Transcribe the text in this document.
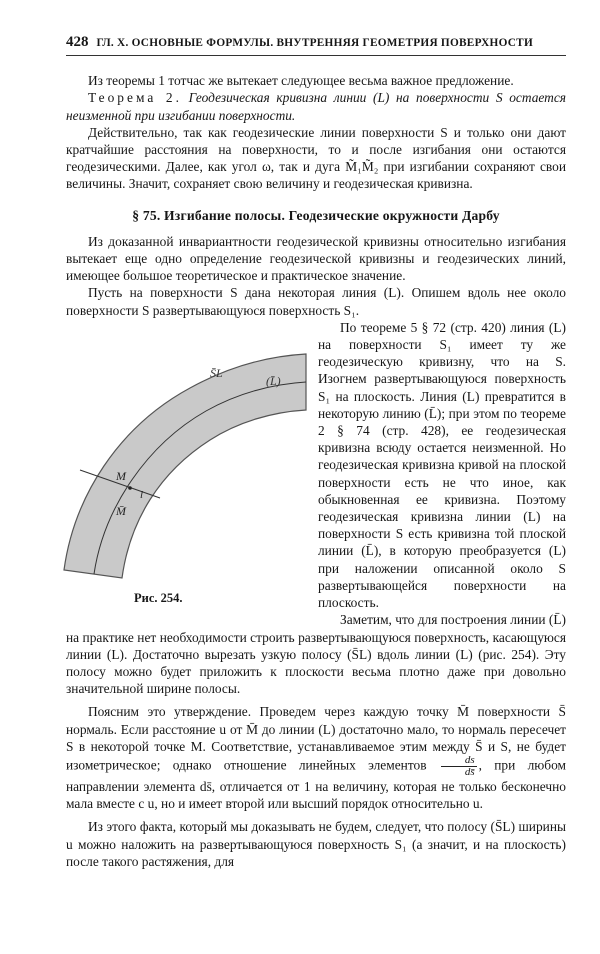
428 ГЛ. X. ОСНОВНЫЕ ФОРМУЛЫ. ВНУТРЕННЯЯ ГЕОМЕТРИЯ ПОВЕРХНОСТИ

Из теоремы 1 тотчас же вытекает следующее весьма важное предложение.

Теорема 2. Геодезическая кривизна линии (L) на поверхности S остается неизменной при изгибании поверхности.

Действительно, так как геодезические линии поверхности S и только они дают кратчайшие расстояния на поверхности, то и после изгибания они остаются геодезическими. Далее, как угол ω, так и дуга M̃₁M̃₂ при изгибании сохраняют свои величины. Значит, сохраняет свою величину и геодезическая кривизна.

§ 75. Изгибание полосы. Геодезические окружности Дарбу

Из доказанной инвариантности геодезической кривизны относительно изгибания вытекает еще одно определение геодезической кривизны и геодезических линий, имеющее большое теоретическое и практическое значение.

Пусть на поверхности S дана некоторая линия (L). Опишем вдоль нее около поверхности S развертывающуюся поверхность S₁.

S̄L
(L̄)
M
l
M̄
Рис. 254.

По теореме 5 § 72 (стр. 420) линия (L) на поверхности S₁ имеет ту же геодезическую кривизну, что на S. Изогнем развертывающуюся поверхность S₁ на плоскость. Линия (L) превратится в некоторую линию (L̄); при этом по теореме 2 § 74 (стр. 428), ее геодезическая кривизна всюду остается неизменной. Но геодезическая кривизна кривой на плоской поверхности есть не что иное, как обыкновенная ее кривизна. Поэтому геодезическая кривизна линии (L) на поверхности S есть кривизна той плоской линии (L̄), в которую преобразуется (L) при наложении описанной около S развертывающейся поверхности на плоскость.

Заметим, что для построения линии (L̄) на практике нет необходимости строить развертывающуюся поверхность, касающуюся линии (L). Достаточно вырезать узкую полосу (S̄L) вдоль линии (L) (рис. 254). Эту полосу можно будет приложить к плоскости весьма плотно даже при довольно значительной ширине полосы.

Поясним это утверждение. Проведем через каждую точку M̄ поверхности S̄ нормаль. Если расстояние u от M̄ до линии (L) достаточно мало, то нормаль пересечет S в некоторой точке M. Соответствие, устанавливаемое этим между S̄ и S, не будет изометрическое; однако отношение линейных элементов $\frac{ds}{ds̄}$ , при любом направлении элемента ds̄, отличается от 1 на величину, которая не только бесконечно мала вместе с u, но и имеет второй или высший порядок относительно u.

Из этого факта, который мы доказывать не будем, следует, что полосу (S̄L) ширины u можно наложить на развертывающуюся поверхность S₁ (а значит, и на плоскость) после такого растяжения, для
